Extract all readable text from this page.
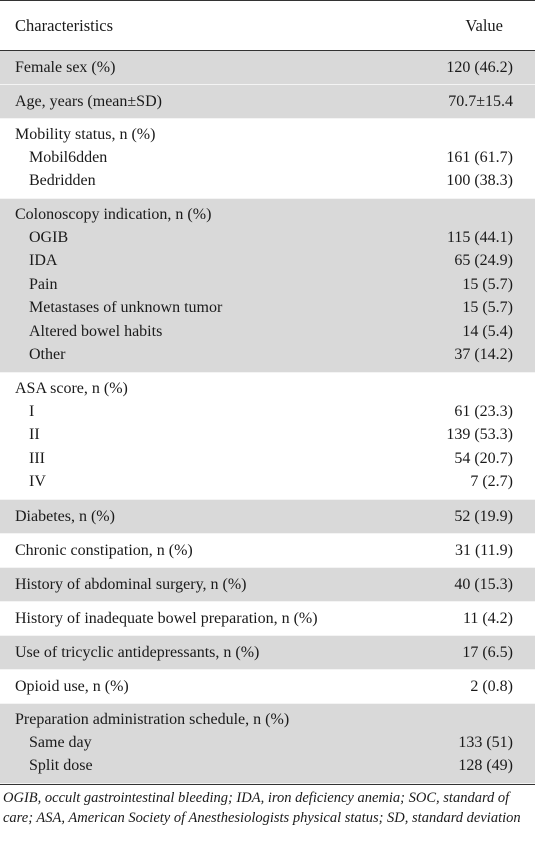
Characteristics	Value
Female sex (%)	120 (46.2)
Age, years (mean±SD)	70.7±15.4
Mobility status, n (%)
Mobil6dden	161 (61.7)
Bedridden	100 (38.3)
Colonoscopy indication, n (%)
OGIB	115 (44.1)
IDA	65 (24.9)
Pain	15 (5.7)
Metastases of unknown tumor	15 (5.7)
Altered bowel habits	14 (5.4)
Other	37 (14.2)
ASA score, n (%)
I	61 (23.3)
II	139 (53.3)
III	54 (20.7)
IV	7 (2.7)
Diabetes, n (%)	52 (19.9)
Chronic constipation, n (%)	31 (11.9)
History of abdominal surgery, n (%)	40 (15.3)
History of inadequate bowel preparation, n (%)	11 (4.2)
Use of tricyclic antidepressants, n (%)	17 (6.5)
Opioid use, n (%)	2 (0.8)
Preparation administration schedule, n (%)
Same day	133 (51)
Split dose	128 (49)
OGIB, occult gastrointestinal bleeding; IDA, iron deficiency anemia; SOC, standard of care; ASA, American Society of Anesthesiologists physical status; SD, standard deviation
